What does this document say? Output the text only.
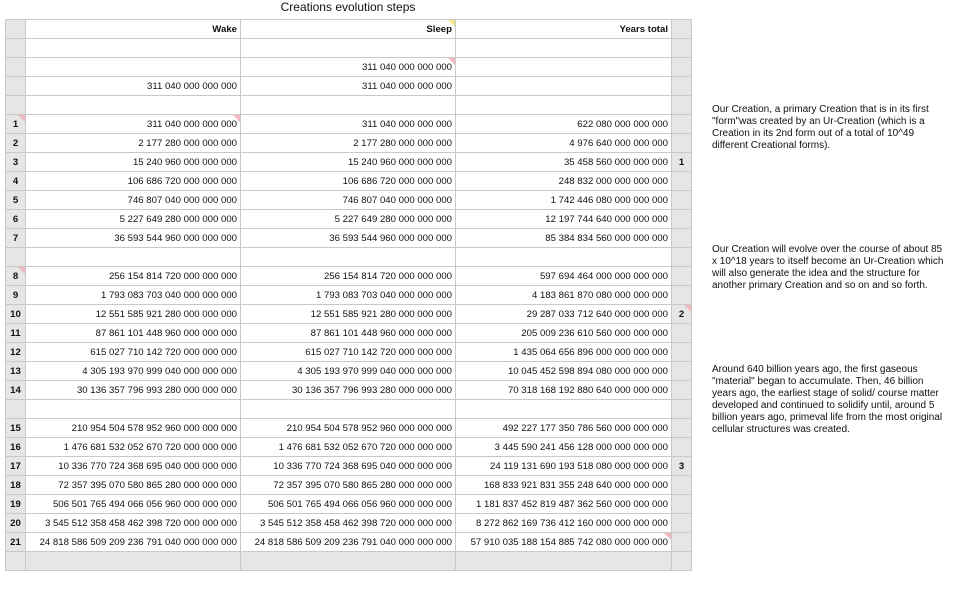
Creations evolution steps
	Wake	Sleep	Years total	

		311 040 000 000 000		
	311 040 000 000 000	311 040 000 000 000		

1	311 040 000 000 000	311 040 000 000 000	622 080 000 000 000	
2	2 177 280 000 000 000	2 177 280 000 000 000	4 976 640 000 000 000	
3	15 240 960 000 000 000	15 240 960 000 000 000	35 458 560 000 000 000	1
4	106 686 720 000 000 000	106 686 720 000 000 000	248 832 000 000 000 000	
5	746 807 040 000 000 000	746 807 040 000 000 000	1 742 446 080 000 000 000	
6	5 227 649 280 000 000 000	5 227 649 280 000 000 000	12 197 744 640 000 000 000	
7	36 593 544 960 000 000 000	36 593 544 960 000 000 000	85 384 834 560 000 000 000	

8	256 154 814 720 000 000 000	256 154 814 720 000 000 000	597 694 464 000 000 000 000	
9	1 793 083 703 040 000 000 000	1 793 083 703 040 000 000 000	4 183 861 870 080 000 000 000	
10	12 551 585 921 280 000 000 000	12 551 585 921 280 000 000 000	29 287 033 712 640 000 000 000	2
11	87 861 101 448 960 000 000 000	87 861 101 448 960 000 000 000	205 009 236 610 560 000 000 000	
12	615 027 710 142 720 000 000 000	615 027 710 142 720 000 000 000	1 435 064 656 896 000 000 000 000	
13	4 305 193 970 999 040 000 000 000	4 305 193 970 999 040 000 000 000	10 045 452 598 894 080 000 000 000	
14	30 136 357 796 993 280 000 000 000	30 136 357 796 993 280 000 000 000	70 318 168 192 880 640 000 000 000	

15	210 954 504 578 952 960 000 000 000	210 954 504 578 952 960 000 000 000	492 227 177 350 786 560 000 000 000	
16	1 476 681 532 052 670 720 000 000 000	1 476 681 532 052 670 720 000 000 000	3 445 590 241 456 128 000 000 000 000	
17	10 336 770 724 368 695 040 000 000 000	10 336 770 724 368 695 040 000 000 000	24 119 131 690 193 518 080 000 000 000	3
18	72 357 395 070 580 865 280 000 000 000	72 357 395 070 580 865 280 000 000 000	168 833 921 831 355 248 640 000 000 000	
19	506 501 765 494 066 056 960 000 000 000	506 501 765 494 066 056 960 000 000 000	1 181 837 452 819 487 362 560 000 000 000	
20	3 545 512 358 458 462 398 720 000 000 000	3 545 512 358 458 462 398 720 000 000 000	8 272 862 169 736 412 160 000 000 000 000	
21	24 818 586 509 209 236 791 040 000 000 000	24 818 586 509 209 236 791 040 000 000 000	57 910 035 188 154 885 742 080 000 000 000	

Our Creation, a primary Creation that is in its first "form"was created by an Ur-Creation (which is a Creation in its 2nd form out of a total of 10^49 different Creational forms).
Our Creation will evolve over the course of about 85 x 10^18 years to itself become an Ur-Creation which will also generate the idea and the structure for another primary Creation and so on and so forth.
Around 640 billion years ago, the first gaseous "material" began to accumulate. Then, 46 billion years ago, the earliest stage of solid/ course matter developed and continued to solidify until, around 5 billion years ago, primeval life from the most original cellular structures was created.
